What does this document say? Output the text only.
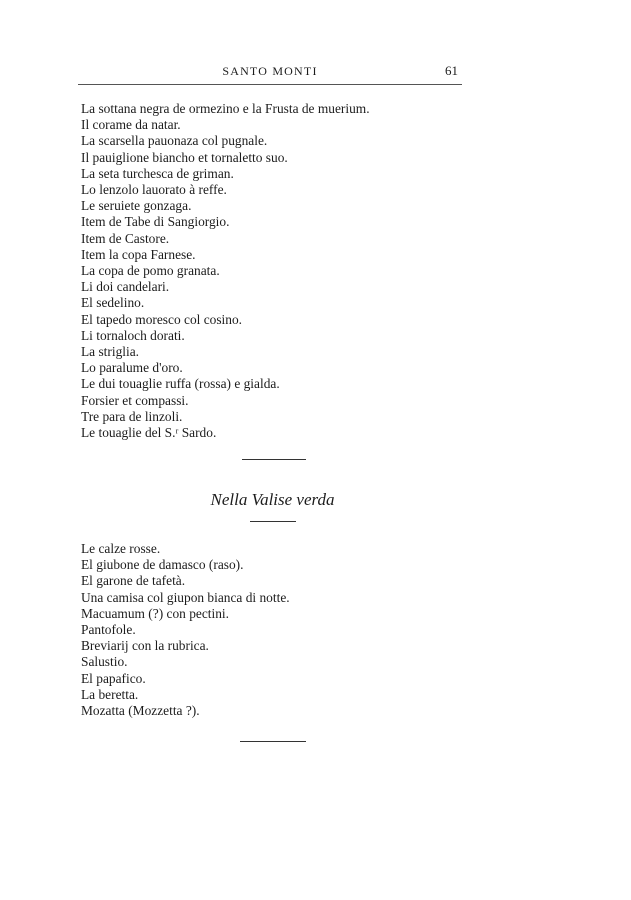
SANTO MONTI	61
La sottana negra de ormezino e la Frusta de muerium.
Il corame da natar.
La scarsella pauonaza col pugnale.
Il pauiglione biancho et tornaletto suo.
La seta turchesca de griman.
Lo lenzolo lauorato à reffe.
Le seruiete gonzaga.
Item de Tabe di Sangiorgio.
Item de Castore.
Item la copa Farnese.
La copa de pomo granata.
Li doi candelari.
El sedelino.
El tapedo moresco col cosino.
Li tornaloch dorati.
La striglia.
Lo paralume d'oro.
Le dui touaglie ruffa (rossa) e gialda.
Forsier et compassi.
Tre para de linzoli.
Le touaglie del S.ʳ Sardo.
Nella Valise verda
Le calze rosse.
El giubone de damasco (raso).
El garone de tafetà.
Una camisa col giupon bianca di notte.
Macuamum (?) con pectini.
Pantofole.
Breviarij con la rubrica.
Salustio.
El papafico.
La beretta.
Mozatta (Mozzetta ?).
